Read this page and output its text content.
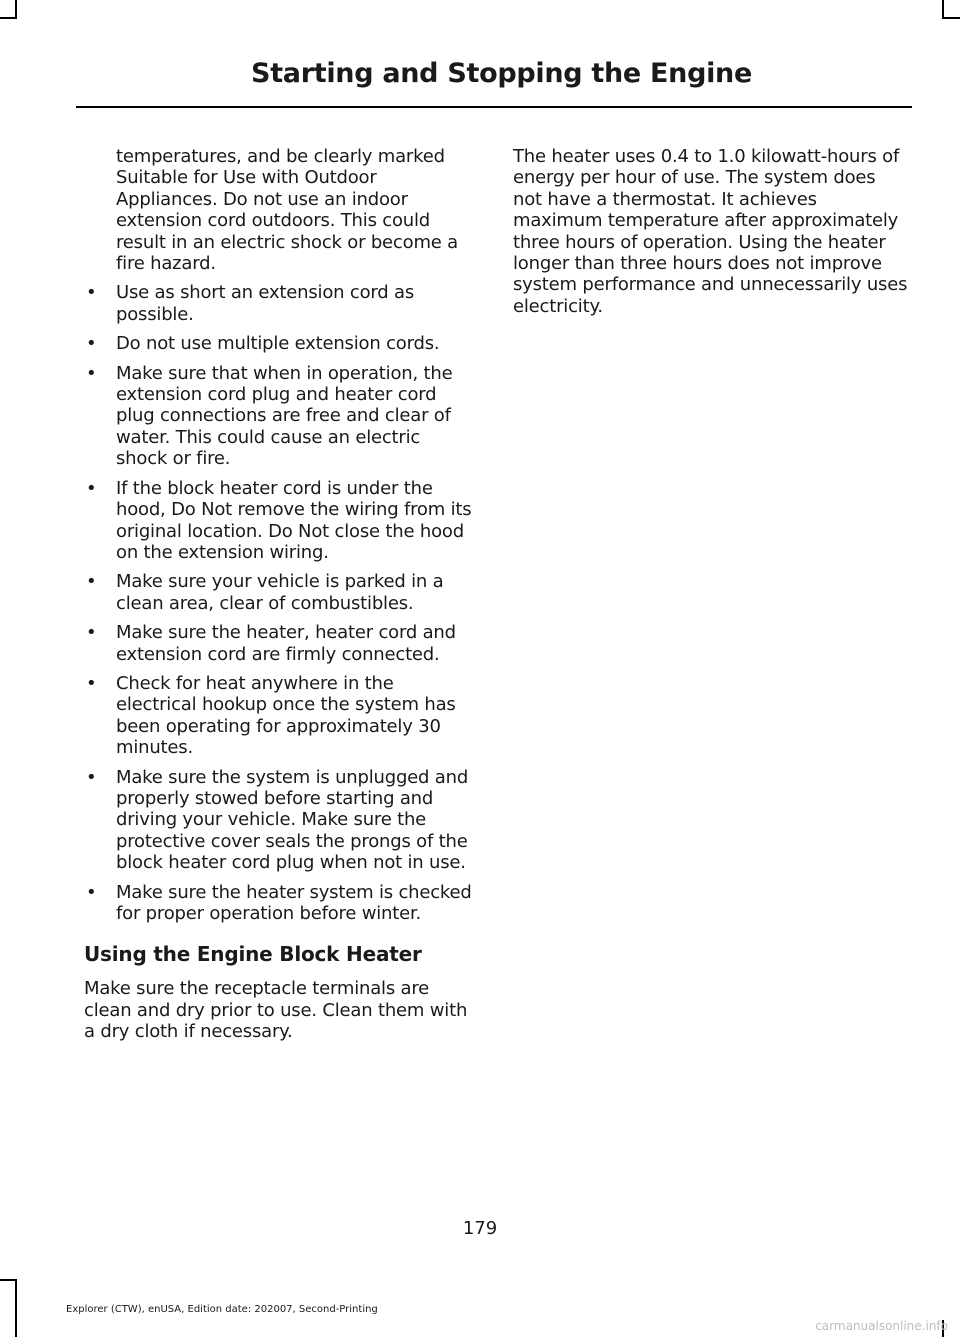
Starting and Stopping the Engine

temperatures, and be clearly marked Suitable for Use with Outdoor Appliances. Do not use an indoor extension cord outdoors. This could result in an electric shock or become a fire hazard.

• Use as short an extension cord as possible.
• Do not use multiple extension cords.
• Make sure that when in operation, the extension cord plug and heater cord plug connections are free and clear of water. This could cause an electric shock or fire.
• If the block heater cord is under the hood, Do Not remove the wiring from its original location. Do Not close the hood on the extension wiring.
• Make sure your vehicle is parked in a clean area, clear of combustibles.
• Make sure the heater, heater cord and extension cord are firmly connected.
• Check for heat anywhere in the electrical hookup once the system has been operating for approximately 30 minutes.
• Make sure the system is unplugged and properly stowed before starting and driving your vehicle. Make sure the protective cover seals the prongs of the block heater cord plug when not in use.
• Make sure the heater system is checked for proper operation before winter.
Using the Engine Block Heater

Make sure the receptacle terminals are clean and dry prior to use. Clean them with a dry cloth if necessary.

The heater uses 0.4 to 1.0 kilowatt-hours of energy per hour of use. The system does not have a thermostat. It achieves maximum temperature after approximately three hours of operation. Using the heater longer than three hours does not improve system performance and unnecessarily uses electricity.

179
Explorer (CTW), enUSA, Edition date: 202007, Second-Printing
carmanualsonline.info
